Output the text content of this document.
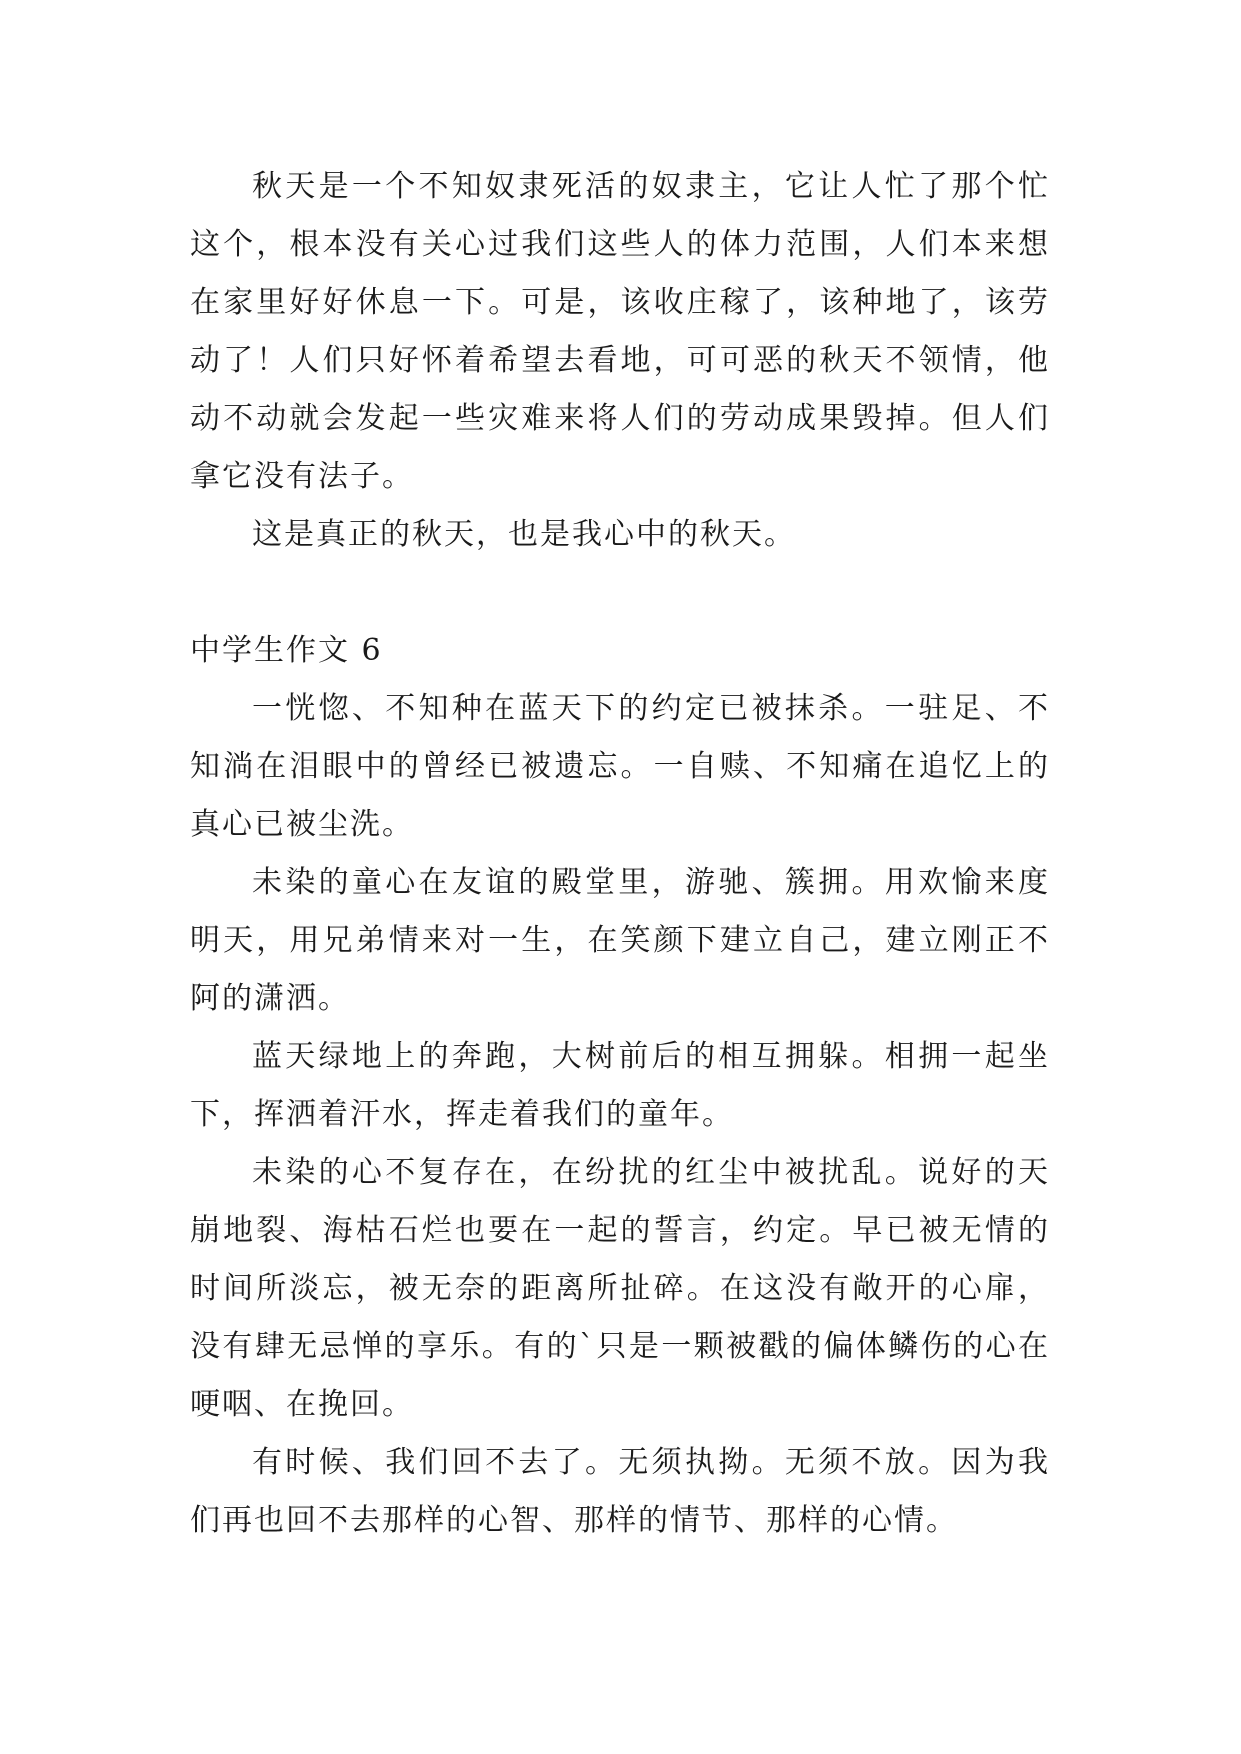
秋天是一个不知奴隶死活的奴隶主，它让人忙了那个忙这个，根本没有关心过我们这些人的体力范围，人们本来想在家里好好休息一下。可是，该收庄稼了，该种地了，该劳动了！人们只好怀着希望去看地，可可恶的秋天不领情，他动不动就会发起一些灾难来将人们的劳动成果毁掉。但人们拿它没有法子。

这是真正的秋天，也是我心中的秋天。

中学生作文 6

一恍惚、不知种在蓝天下的约定已被抹杀。一驻足、不知淌在泪眼中的曾经已被遗忘。一自赎、不知痛在追忆上的真心已被尘洗。

未染的童心在友谊的殿堂里，游驰、簇拥。用欢愉来度明天，用兄弟情来对一生，在笑颜下建立自己，建立刚正不阿的潇洒。

蓝天绿地上的奔跑，大树前后的相互拥躲。相拥一起坐下，挥洒着汗水，挥走着我们的童年。

未染的心不复存在，在纷扰的红尘中被扰乱。说好的天崩地裂、海枯石烂也要在一起的誓言，约定。早已被无情的时间所淡忘，被无奈的距离所扯碎。在这没有敞开的心扉，没有肆无忌惮的享乐。有的`只是一颗被戳的偏体鳞伤的心在哽咽、在挽回。

有时候、我们回不去了。无须执拗。无须不放。因为我们再也回不去那样的心智、那样的情节、那样的心情。
